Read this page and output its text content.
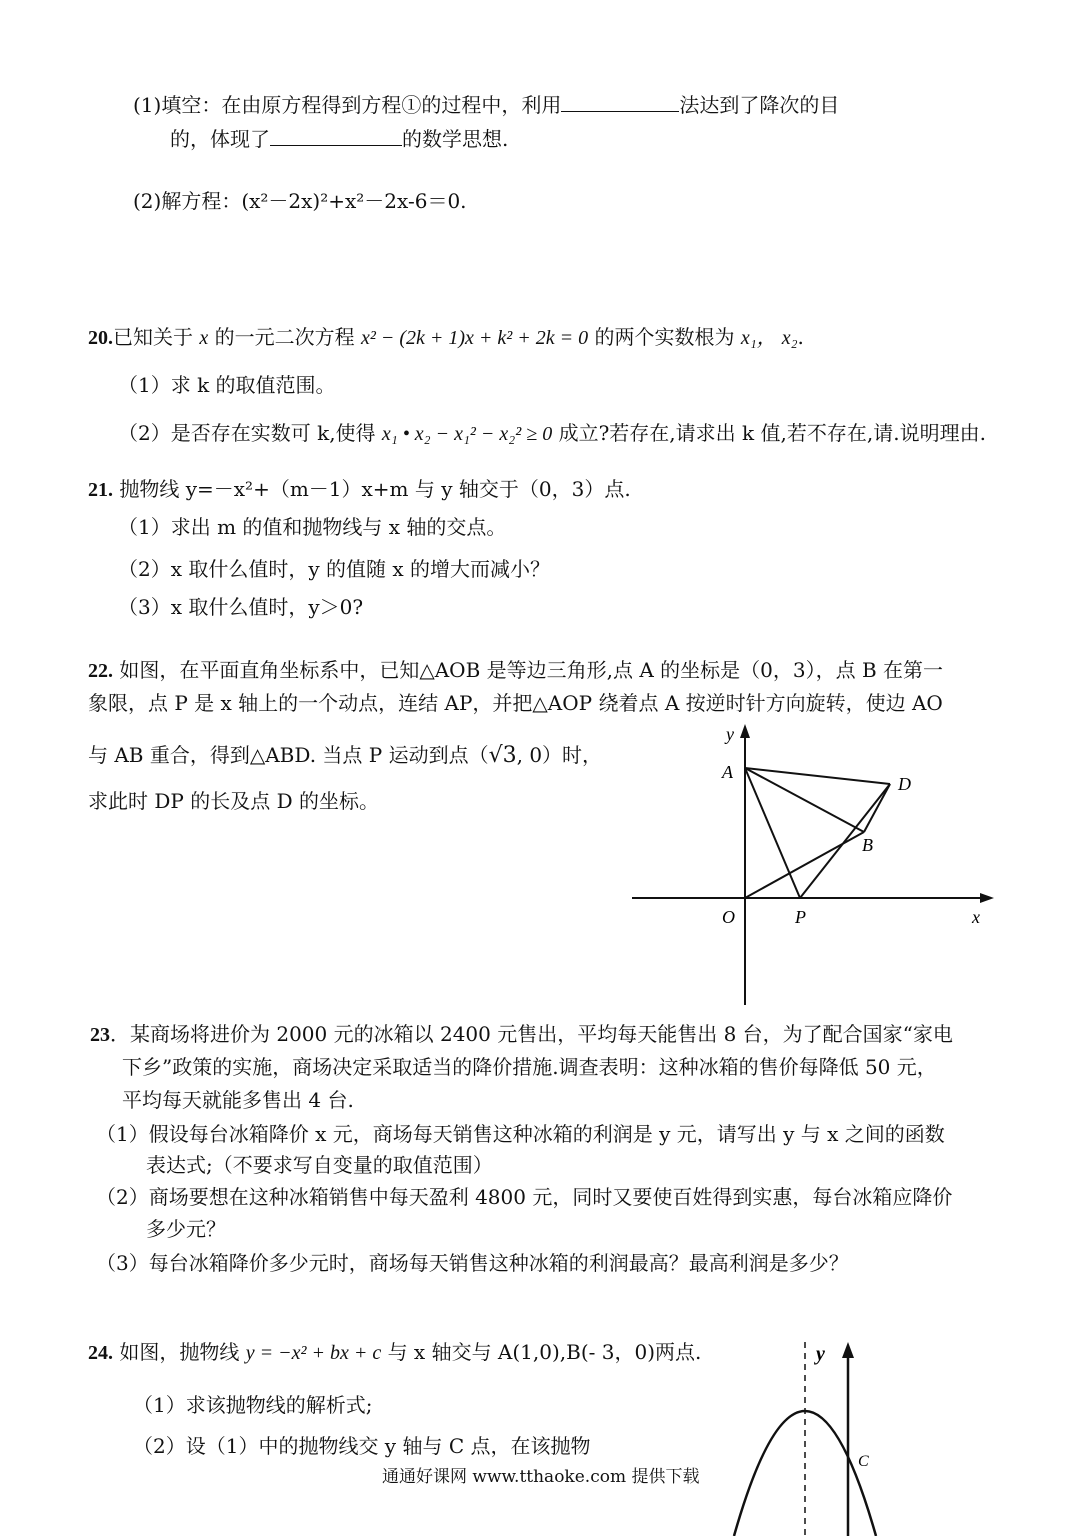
(1)填空：在由原方程得到方程①的过程中，利用	法达到了降次的目
的，体现了	的数学思想.
(2)解方程：(x²－2x)²+x²－2x-6＝0.
20.已知关于 x 的一元二次方程 x² − (2k + 1)x + k² + 2k = 0 的两个实数根为 x₁， x₂.
（1）求 k 的取值范围。
（2）是否存在实数可 k,使得 x₁ • x₂ − x₁² − x₂² ≥ 0 成立?若存在,请求出 k 值,若不存在,请.说明理由.
21. 抛物线 y=－x²+（m－1）x+m 与 y 轴交于（0，3）点.
（1）求出 m 的值和抛物线与 x 轴的交点。
（2）x 取什么值时，y 的值随 x 的增大而减小？
（3）x 取什么值时，y＞0?
22. 如图，在平面直角坐标系中，已知△AOB 是等边三角形,点 A 的坐标是（0，3），点 B 在第一
象限，点 P 是 x 轴上的一个动点，连结 AP，并把△AOP 绕着点 A 按逆时针方向旋转，使边 AO
与 AB 重合，得到△ABD. 当点 P 运动到点（√3, 0）时，
求此时 DP 的长及点 D 的坐标。
y
x
A
D
B
O	P
23．某商场将进价为 2000 元的冰箱以 2400 元售出，平均每天能售出 8 台，为了配合国家“家电
下乡”政策的实施，商场决定采取适当的降价措施.调查表明：这种冰箱的售价每降低 50 元，
平均每天就能多售出 4 台.
（1）假设每台冰箱降价 x 元，商场每天销售这种冰箱的利润是 y 元，请写出 y 与 x 之间的函数
表达式;（不要求写自变量的取值范围）
（2）商场要想在这种冰箱销售中每天盈利 4800 元，同时又要使百姓得到实惠，每台冰箱应降价
多少元？
（3）每台冰箱降价多少元时，商场每天销售这种冰箱的利润最高？最高利润是多少？
24. 如图，抛物线 y = −x² + bx + c 与 x 轴交与 A(1,0),B(- 3，0)两点.
（1）求该抛物线的解析式;
（2）设（1）中的抛物线交 y 轴与 C 点，在该抛物
y
C
通通好课网 www.tthaoke.com 提供下载
